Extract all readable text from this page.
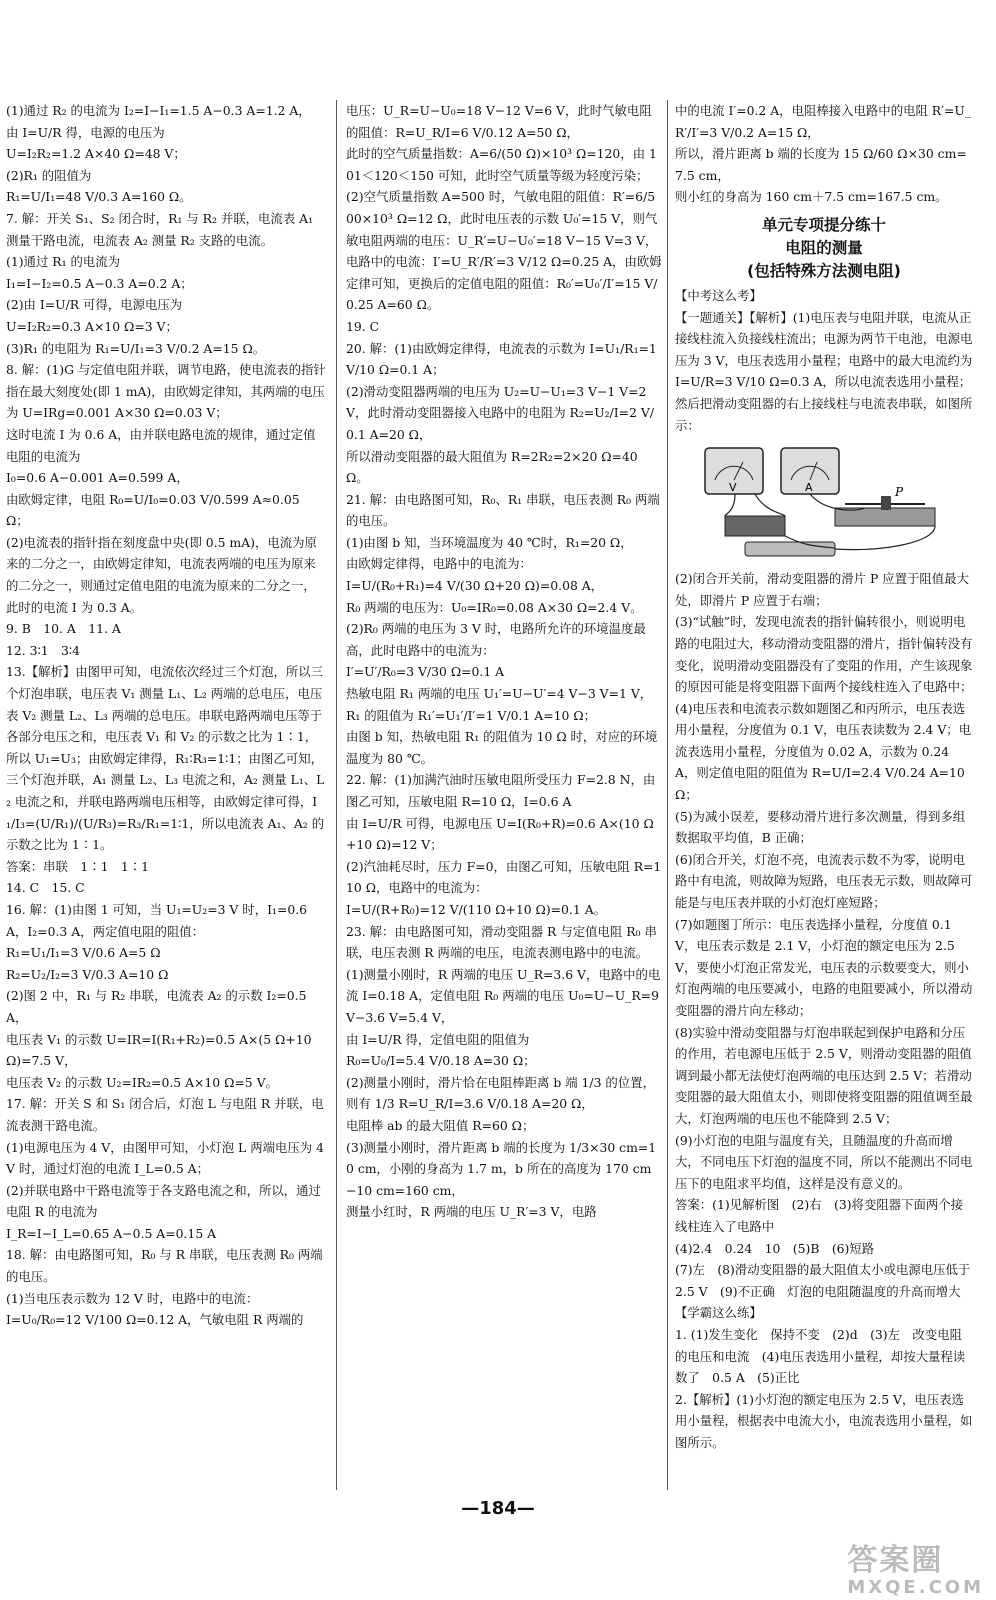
(1)通过 R₂ 的电流为 I₂=I−I₁=1.5 A−0.3 A=1.2 A，

由 I=U/R 得，电源的电压为

U=I₂R₂=1.2 A×40 Ω=48 V；

(2)R₁ 的阻值为

R₁=U/I₁=48 V/0.3 A=160 Ω。

7. 解：开关 S₁、S₂ 闭合时，R₁ 与 R₂ 并联，电流表 A₁ 测量干路电流，电流表 A₂ 测量 R₂ 支路的电流。

(1)通过 R₁ 的电流为

I₁=I−I₂=0.5 A−0.3 A=0.2 A；

(2)由 I=U/R 可得，电源电压为

U=I₂R₂=0.3 A×10 Ω=3 V；

(3)R₁ 的电阻为 R₁=U/I₁=3 V/0.2 A=15 Ω。

8. 解：(1)G 与定值电阻并联，调节电路，使电流表的指针指在最大刻度处(即 1 mA)，由欧姆定律知，其两端的电压为 U=IRg=0.001 A×30 Ω=0.03 V；

这时电流 I 为 0.6 A，由并联电路电流的规律，通过定值电阻的电流为

I₀=0.6 A−0.001 A=0.599 A，

由欧姆定律，电阻 R₀=U/I₀=0.03 V/0.599 A≈0.05 Ω；

(2)电流表的指针指在刻度盘中央(即 0.5 mA)，电流为原来的二分之一，由欧姆定律知，电流表两端的电压为原来的二分之一，则通过定值电阻的电流为原来的二分之一，此时的电流 I 为 0.3 A。

9. B　10. A　11. A

12. 3∶1　3∶4

13.【解析】由图甲可知，电流依次经过三个灯泡，所以三个灯泡串联，电压表 V₁ 测量 L₁、L₂ 两端的总电压，电压表 V₂ 测量 L₂、L₃ 两端的总电压。串联电路两端电压等于各部分电压之和，电压表 V₁ 和 V₂ 的示数之比为 1∶1，所以 U₁=U₃；由欧姆定律得，R₁∶R₃=1∶1；由图乙可知，三个灯泡并联，A₁ 测量 L₂、L₃ 电流之和，A₂ 测量 L₁、L₂ 电流之和，并联电路两端电压相等，由欧姆定律可得，I₁/I₃=(U/R₁)/(U/R₃)=R₃/R₁=1∶1，所以电流表 A₁、A₂ 的示数之比为 1∶1。

答案：串联　1∶1　1∶1

14. C　15. C

16. 解：(1)由图 1 可知，当 U₁=U₂=3 V 时，I₁=0.6 A，I₂=0.3 A，两定值电阻的阻值：

R₁=U₁/I₁=3 V/0.6 A=5 Ω

R₂=U₂/I₂=3 V/0.3 A=10 Ω

(2)图 2 中，R₁ 与 R₂ 串联，电流表 A₂ 的示数 I₂=0.5 A，

电压表 V₁ 的示数 U=IR=I(R₁+R₂)=0.5 A×(5 Ω+10 Ω)=7.5 V，

电压表 V₂ 的示数 U₂=IR₂=0.5 A×10 Ω=5 V。

17. 解：开关 S 和 S₁ 闭合后，灯泡 L 与电阻 R 并联，电流表测干路电流。

(1)电源电压为 4 V，由图甲可知，小灯泡 L 两端电压为 4 V 时，通过灯泡的电流 I_L=0.5 A；

(2)并联电路中干路电流等于各支路电流之和，所以，通过电阻 R 的电流为

I_R=I−I_L=0.65 A−0.5 A=0.15 A

18. 解：由电路图可知，R₀ 与 R 串联，电压表测 R₀ 两端的电压。

(1)当电压表示数为 12 V 时，电路中的电流：

I=U₀/R₀=12 V/100 Ω=0.12 A，气敏电阻 R 两端的

电压：U_R=U−U₀=18 V−12 V=6 V，此时气敏电阻的阻值：R=U_R/I=6 V/0.12 A=50 Ω，

此时的空气质量指数：A=6/(50 Ω)×10³ Ω=120，由 101＜120＜150 可知，此时空气质量等级为轻度污染；

(2)空气质量指数 A=500 时，气敏电阻的阻值：R′=6/500×10³ Ω=12 Ω，此时电压表的示数 U₀′=15 V，则气敏电阻两端的电压：U_R′=U−U₀′=18 V−15 V=3 V，电路中的电流：I′=U_R′/R′=3 V/12 Ω=0.25 A，由欧姆定律可知，更换后的定值电阻的阻值：R₀′=U₀′/I′=15 V/0.25 A=60 Ω。

19. C

20. 解：(1)由欧姆定律得，电流表的示数为 I=U₁/R₁=1 V/10 Ω=0.1 A；

(2)滑动变阻器两端的电压为 U₂=U−U₁=3 V−1 V=2 V，此时滑动变阻器接入电路中的电阻为 R₂=U₂/I=2 V/0.1 A=20 Ω，

所以滑动变阻器的最大阻值为 R=2R₂=2×20 Ω=40 Ω。

21. 解：由电路图可知，R₀、R₁ 串联，电压表测 R₀ 两端的电压。

(1)由图 b 知，当环境温度为 40 ℃时，R₁=20 Ω，

由欧姆定律得，电路中的电流为：

I=U/(R₀+R₁)=4 V/(30 Ω+20 Ω)=0.08 A，

R₀ 两端的电压为：U₀=IR₀=0.08 A×30 Ω=2.4 V。

(2)R₀ 两端的电压为 3 V 时，电路所允许的环境温度最高，此时电路中的电流为：

I′=U′/R₀=3 V/30 Ω=0.1 A

热敏电阻 R₁ 两端的电压 U₁′=U−U′=4 V−3 V=1 V，

R₁ 的阻值为 R₁′=U₁′/I′=1 V/0.1 A=10 Ω；

由图 b 知，热敏电阻 R₁ 的阻值为 10 Ω 时，对应的环境温度为 80 ℃。

22. 解：(1)加满汽油时压敏电阻所受压力 F=2.8 N，由图乙可知，压敏电阻 R=10 Ω，I=0.6 A

由 I=U/R 可得，电源电压 U=I(R₀+R)=0.6 A×(10 Ω+10 Ω)=12 V；

(2)汽油耗尽时，压力 F=0，由图乙可知，压敏电阻 R=110 Ω，电路中的电流为：

I=U/(R+R₀)=12 V/(110 Ω+10 Ω)=0.1 A。

23. 解：由电路图可知，滑动变阻器 R 与定值电阻 R₀ 串联，电压表测 R 两端的电压，电流表测电路中的电流。

(1)测量小刚时，R 两端的电压 U_R=3.6 V，电路中的电流 I=0.18 A，定值电阻 R₀ 两端的电压 U₀=U−U_R=9 V−3.6 V=5.4 V，

由 I=U/R 得，定值电阻的阻值为

R₀=U₀/I=5.4 V/0.18 A=30 Ω；

(2)测量小刚时，滑片恰在电阻棒距离 b 端 1/3 的位置，则有 1/3 R=U_R/I=3.6 V/0.18 A=20 Ω，

电阻棒 ab 的最大阻值 R=60 Ω；

(3)测量小刚时，滑片距离 b 端的长度为 1/3×30 cm=10 cm，小刚的身高为 1.7 m，b 所在的高度为 170 cm−10 cm=160 cm，

测量小红时，R 两端的电压 U_R′=3 V，电路

中的电流 I′=0.2 A，电阻棒接入电路中的电阻 R′=U_R′/I′=3 V/0.2 A=15 Ω，

所以，滑片距离 b 端的长度为 15 Ω/60 Ω×30 cm=7.5 cm，

则小红的身高为 160 cm＋7.5 cm=167.5 cm。

单元专项提分练十
电阻的测量
(包括特殊方法测电阻)

【中考这么考】

【一题通关】【解析】(1)电压表与电阻并联，电流从正接线柱流入负接线柱流出；电源为两节干电池，电源电压为 3 V，电压表选用小量程；电路中的最大电流约为 I=U/R=3 V/10 Ω=0.3 A，所以电流表选用小量程；然后把滑动变阻器的右上接线柱与电流表串联，如图所示：

V	A	P

(2)闭合开关前，滑动变阻器的滑片 P 应置于阻值最大处，即滑片 P 应置于右端；

(3)“试触”时，发现电流表的指针偏转很小，则说明电路的电阻过大，移动滑动变阻器的滑片，指针偏转没有变化，说明滑动变阻器没有了变阻的作用，产生该现象的原因可能是将变阻器下面两个接线柱连入了电路中；

(4)电压表和电流表示数如题图乙和丙所示，电压表选用小量程，分度值为 0.1 V，电压表读数为 2.4 V；电流表选用小量程，分度值为 0.02 A，示数为 0.24 A，则定值电阻的阻值为 R=U/I=2.4 V/0.24 A=10 Ω；

(5)为减小误差，要移动滑片进行多次测量，得到多组数据取平均值，B 正确；

(6)闭合开关，灯泡不亮，电流表示数不为零，说明电路中有电流，则故障为短路，电压表无示数，则故障可能是与电压表并联的小灯泡灯座短路；

(7)如题图丁所示：电压表选择小量程，分度值 0.1 V，电压表示数是 2.1 V，小灯泡的额定电压为 2.5 V，要使小灯泡正常发光，电压表的示数要变大，则小灯泡两端的电压要减小，电路的电阻要减小，所以滑动变阻器的滑片向左移动；

(8)实验中滑动变阻器与灯泡串联起到保护电路和分压的作用，若电源电压低于 2.5 V，则滑动变阻器的阻值调到最小都无法使灯泡两端的电压达到 2.5 V；若滑动变阻器的最大阻值太小，则即使将变阻器的阻值调至最大，灯泡两端的电压也不能降到 2.5 V；

(9)小灯泡的电阻与温度有关，且随温度的升高而增大，不同电压下灯泡的温度不同，所以不能测出不同电压下的电阻求平均值，这样是没有意义的。

答案：(1)见解析图　(2)右　(3)将变阻器下面两个接线柱连入了电路中

(4)2.4　0.24　10　(5)B　(6)短路

(7)左　(8)滑动变阻器的最大阻值太小或电源电压低于 2.5 V　(9)不正确　灯泡的电阻随温度的升高而增大

【学霸这么练】

1. (1)发生变化　保持不变　(2)d　(3)左　改变电阻的电压和电流　(4)电压表选用小量程，却按大量程读数了　0.5 A　(5)正比

2.【解析】(1)小灯泡的额定电压为 2.5 V，电压表选用小量程，根据表中电流大小，电流表选用小量程，如图所示。

—184—
答案圈
MXQE.COM
